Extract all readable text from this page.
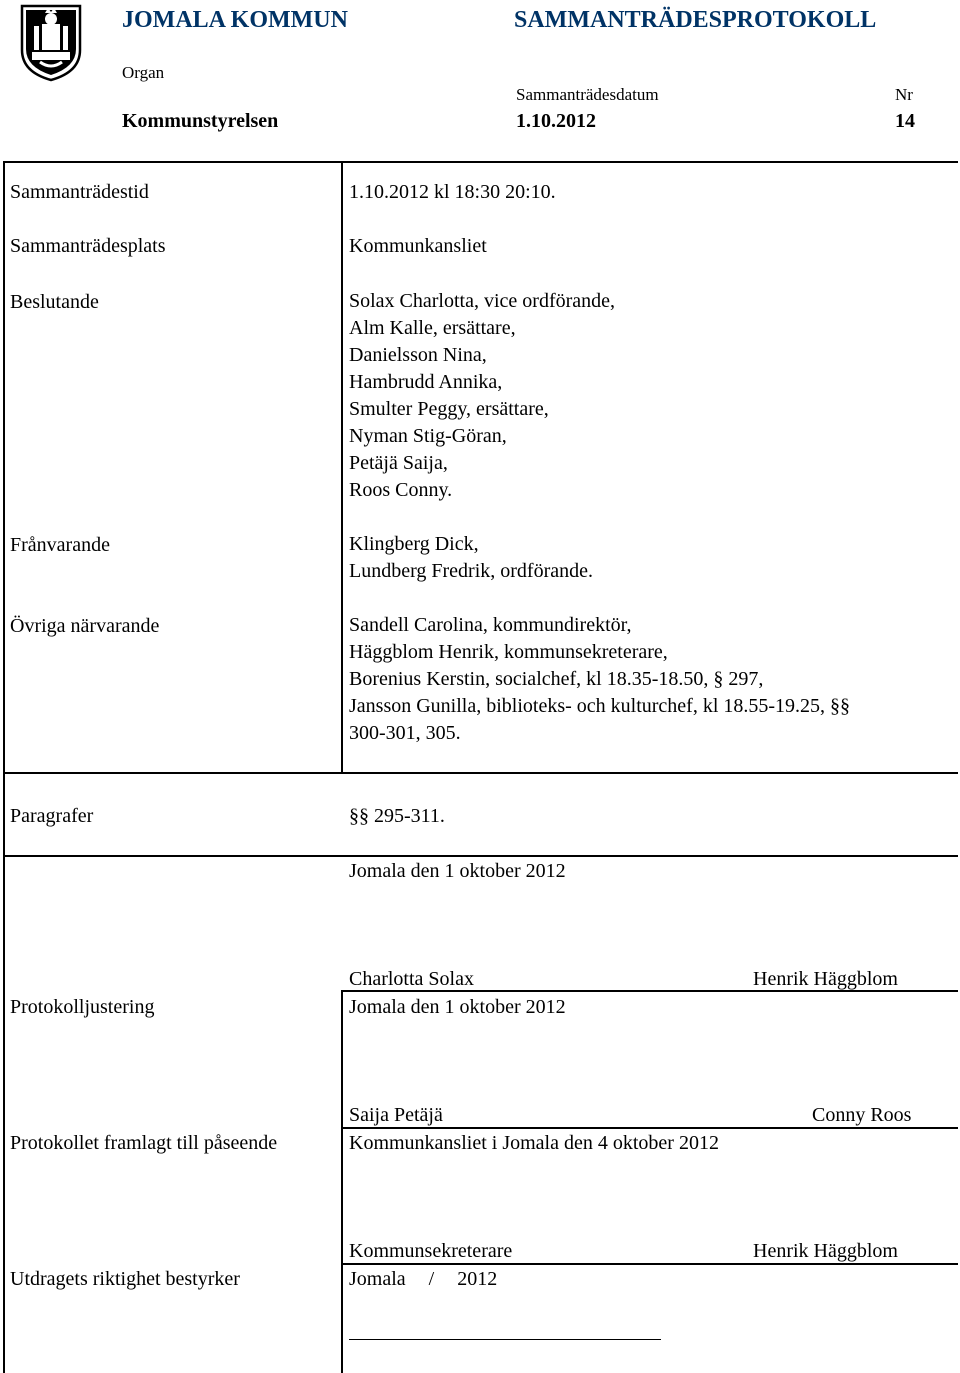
JOMALA KOMMUN	SAMMANTRÄDESPROTOKOLL
Organ
Sammanträdesdatum	Nr
Kommunstyrelsen	1.10.2012	14
Sammanträdestid	1.10.2012 kl 18:30 20:10.
Sammanträdesplats	Kommunkansliet
Beslutande	Solax Charlotta, vice ordförande,
Alm Kalle, ersättare,
Danielsson Nina,
Hambrudd Annika,
Smulter Peggy, ersättare,
Nyman Stig-Göran,
Petäjä Saija,
Roos Conny.
Frånvarande	Klingberg Dick,
Lundberg Fredrik, ordförande.
Övriga närvarande	Sandell Carolina, kommundirektör,
Häggblom Henrik, kommunsekreterare,
Borenius Kerstin, socialchef, kl 18.35-18.50, § 297,
Jansson Gunilla, biblioteks- och kulturchef, kl 18.55-19.25, §§
300-301, 305.
Paragrafer	§§ 295-311.
Jomala den 1 oktober 2012
Charlotta Solax	Henrik Häggblom
Protokolljustering	Jomala den 1 oktober 2012
Saija Petäjä	Conny Roos
Protokollet framlagt till påseende	Kommunkansliet i Jomala den 4 oktober 2012
Kommunsekreterare	Henrik Häggblom
Utdragets riktighet bestyrker	Jomala / 2012
